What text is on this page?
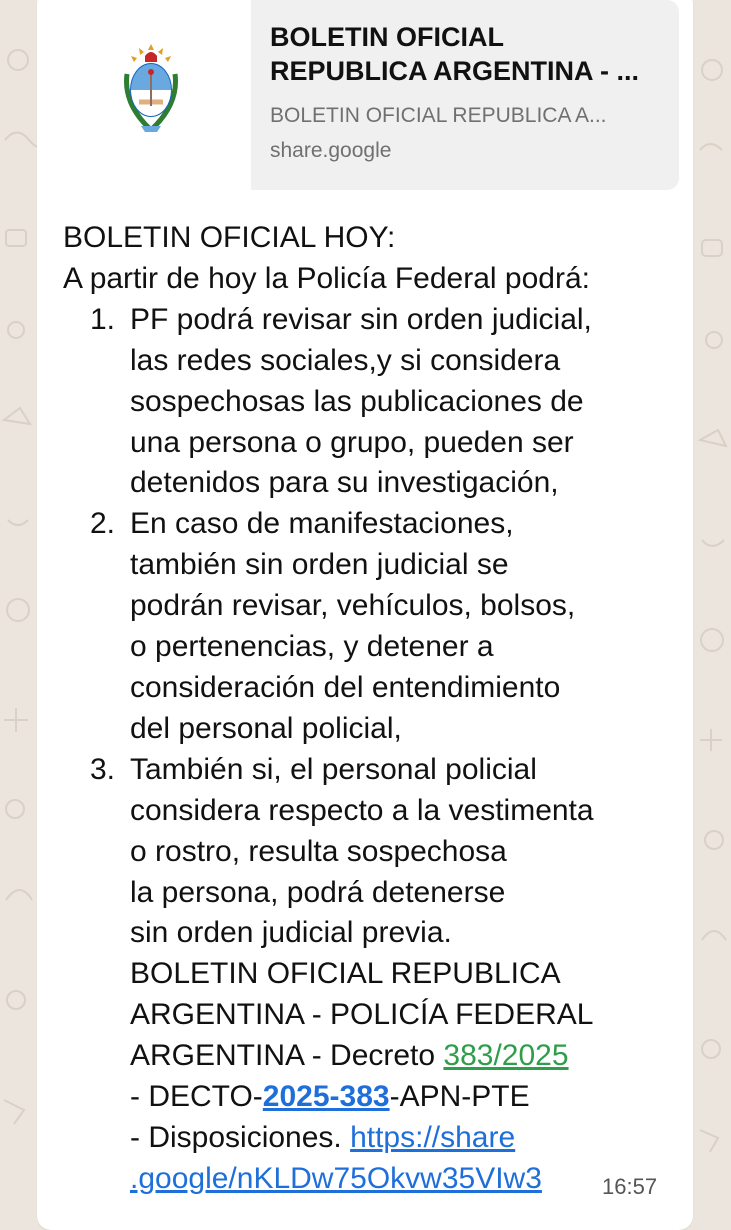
BOLETIN OFICIAL
REPUBLICA ARGENTINA - ...
BOLETIN OFICIAL REPUBLICA A...
share.google
BOLETIN OFICIAL HOY:
A partir de hoy la Policía Federal podrá:
1. PF podrá revisar sin orden judicial,
las redes sociales,y si considera
sospechosas las publicaciones de
una persona o grupo, pueden ser
detenidos para su investigación,
2. En caso de manifestaciones,
también sin orden judicial se
podrán revisar, vehículos, bolsos,
o pertenencias, y detener a
consideración del entendimiento
del personal policial,
3. También si, el personal policial
considera respecto a la vestimenta
o rostro, resulta sospechosa
la persona, podrá detenerse
sin orden judicial previa.
BOLETIN OFICIAL REPUBLICA
ARGENTINA - POLICÍA FEDERAL
ARGENTINA - Decreto 383/2025
- DECTO-2025-383-APN-PTE
- Disposiciones. https://share
.google/nKLDw75Okvw35VIw3	16:57
